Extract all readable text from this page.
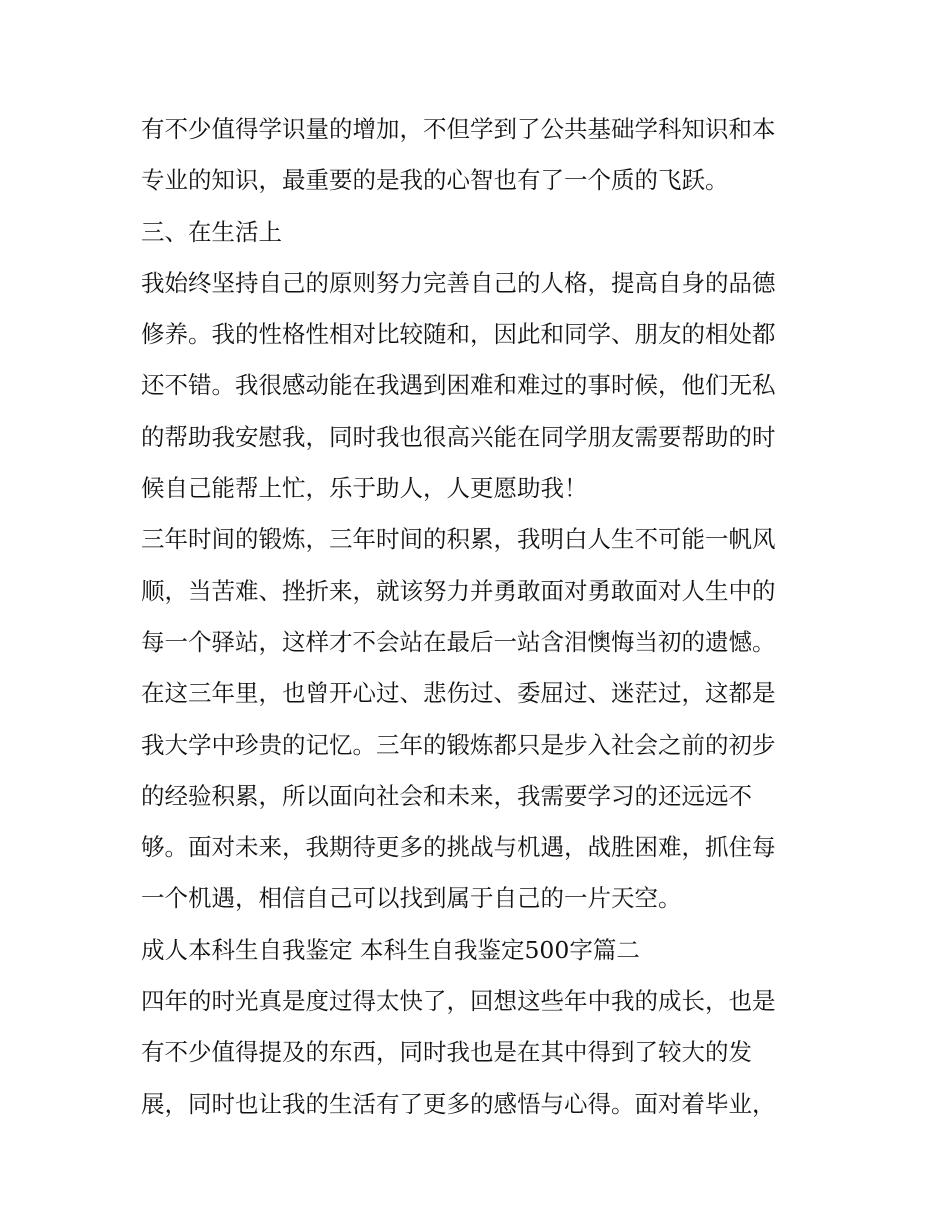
有不少值得学识量的增加，不但学到了公共基础学科知识和本
专业的知识，最重要的是我的心智也有了一个质的飞跃。
三、在生活上
我始终坚持自己的原则努力完善自己的人格，提高自身的品德
修养。我的性格性相对比较随和，因此和同学、朋友的相处都
还不错。我很感动能在我遇到困难和难过的事时候，他们无私
的帮助我安慰我，同时我也很高兴能在同学朋友需要帮助的时
候自己能帮上忙，乐于助人，人更愿助我！
三年时间的锻炼，三年时间的积累，我明白人生不可能一帆风
顺，当苦难、挫折来，就该努力并勇敢面对勇敢面对人生中的
每一个驿站，这样才不会站在最后一站含泪懊悔当初的遗憾。
在这三年里，也曾开心过、悲伤过、委屈过、迷茫过，这都是
我大学中珍贵的记忆。三年的锻炼都只是步入社会之前的初步
的经验积累，所以面向社会和未来，我需要学习的还远远不
够。面对未来，我期待更多的挑战与机遇，战胜困难，抓住每
一个机遇，相信自己可以找到属于自己的一片天空。
成人本科生自我鉴定 本科生自我鉴定500字篇二
四年的时光真是度过得太快了，回想这些年中我的成长，也是
有不少值得提及的东西，同时我也是在其中得到了较大的发
展，同时也让我的生活有了更多的感悟与心得。面对着毕业，
